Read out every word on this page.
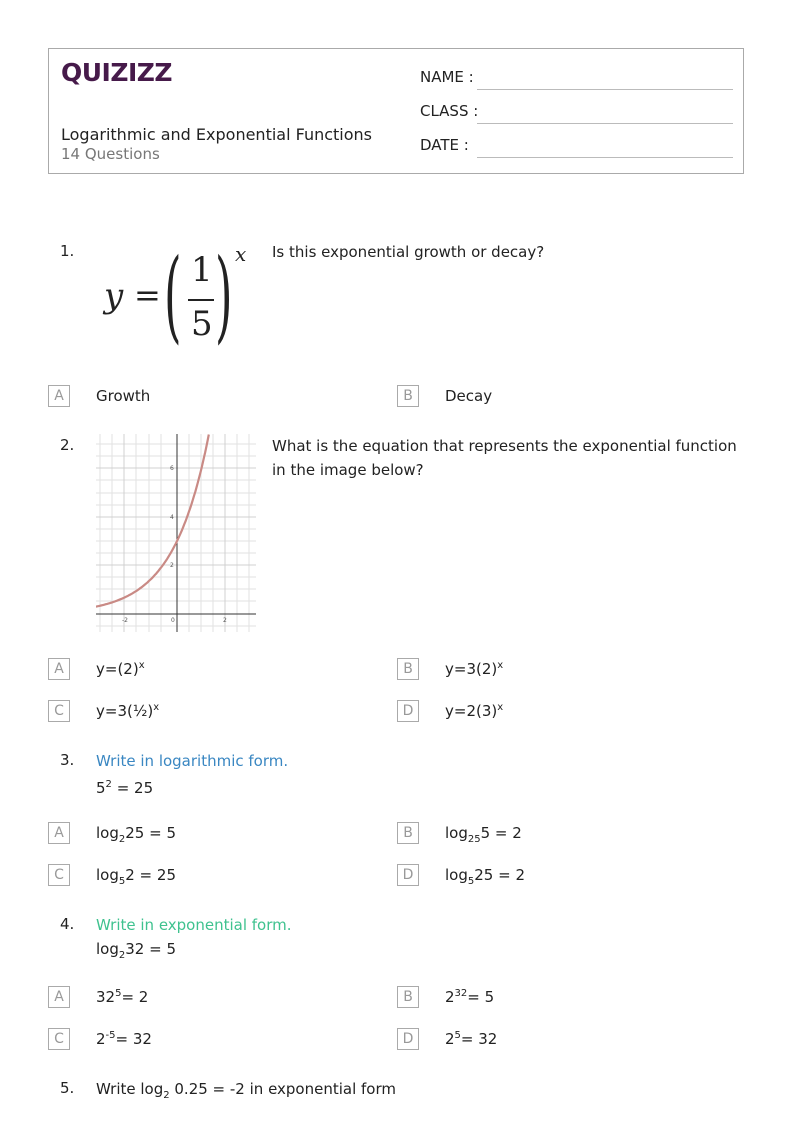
QUIZIZZ
Logarithmic and Exponential Functions
14 Questions
NAME :
CLASS :
DATE :
1.
y = ( 1
5 ) x Is this exponential growth or decay?
A	Growth	B	Decay
2.
-2	0	2
2
4
6
What is the equation that represents the exponential function in the image below?
A	$y=(2)^x$	B	$y=3(2)^x$
C	y=3(½)$^x$	D	$y=2(3)^x$
3. Write in logarithmic form.
$5^2 = 25$
A	$\log_225 = 5$	B	$\log_{25}5 = 2$
C	$\log_52 = 25$	D	$\log_525 = 2$
4. Write in exponential form.
$\log_232 = 5$
A	$32^5= 2$	B	$2^{32}= 5$
C	$2^{-5}= 32$	D	$2^5= 32$
5. Write $\log_2 0.25 = -2$ in exponential form
